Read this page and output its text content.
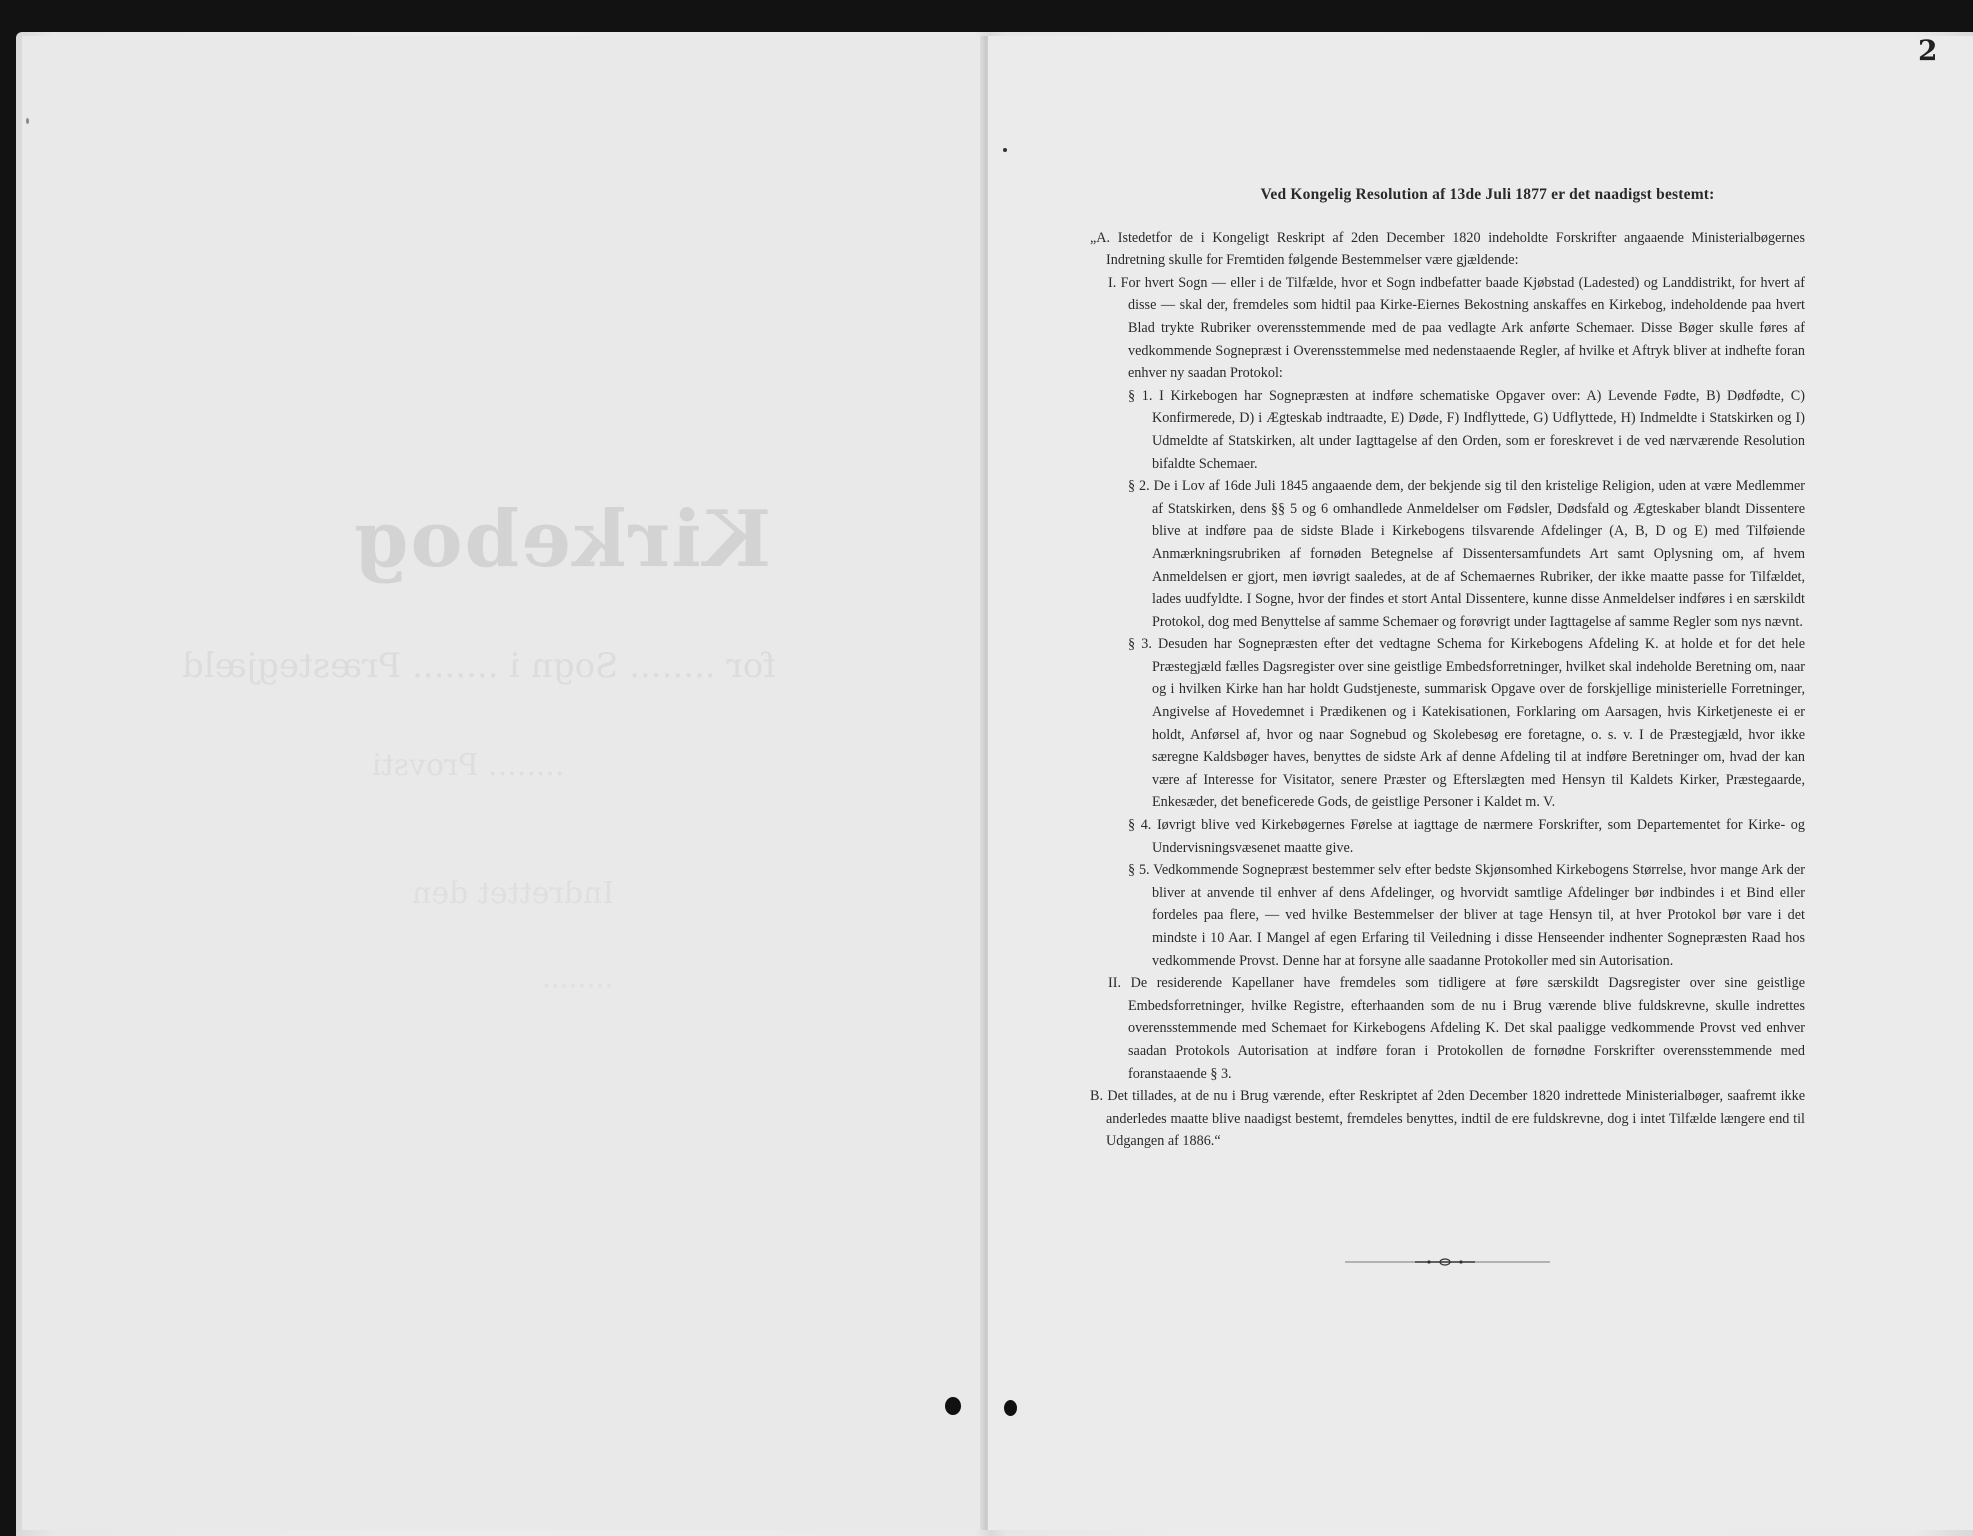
Kirkebog
for ........ Sogn i ........ Præstegjæld
........ Provsti
Indrettet den
........
2
Ved Kongelig Resolution af 13de Juli 1877 er det naadigst bestemt:

„A. Istedetfor de i Kongeligt Reskript af 2den December 1820 indeholdte Forskrifter angaaende Ministerialbøgernes Indretning skulle for Fremtiden følgende Bestemmelser være gjældende:

I. For hvert Sogn — eller i de Tilfælde, hvor et Sogn indbefatter baade Kjøbstad (Ladested) og Landdistrikt, for hvert af disse — skal der, fremdeles som hidtil paa Kirke-Eiernes Bekostning anskaffes en Kirkebog, indeholdende paa hvert Blad trykte Rubriker overensstemmende med de paa vedlagte Ark anførte Schemaer. Disse Bøger skulle føres af vedkommende Sognepræst i Overensstemmelse med nedenstaaende Regler, af hvilke et Aftryk bliver at indhefte foran enhver ny saadan Protokol:

§ 1. I Kirkebogen har Sognepræsten at indføre schematiske Opgaver over: A) Levende Fødte, B) Dødfødte, C) Konfirmerede, D) i Ægteskab indtraadte, E) Døde, F) Indflyttede, G) Udflyttede, H) Indmeldte i Statskirken og I) Udmeldte af Statskirken, alt under Iagttagelse af den Orden, som er foreskrevet i de ved nærværende Resolution bifaldte Schemaer.

§ 2. De i Lov af 16de Juli 1845 angaaende dem, der bekjende sig til den kristelige Religion, uden at være Medlemmer af Statskirken, dens §§ 5 og 6 omhandlede Anmeldelser om Fødsler, Dødsfald og Ægteskaber blandt Dissentere blive at indføre paa de sidste Blade i Kirkebogens tilsvarende Afdelinger (A, B, D og E) med Tilføiende Anmærkningsrubriken af fornøden Betegnelse af Dissentersamfundets Art samt Oplysning om, af hvem Anmeldelsen er gjort, men iøvrigt saaledes, at de af Schemaernes Rubriker, der ikke maatte passe for Tilfældet, lades uudfyldte. I Sogne, hvor der findes et stort Antal Dissentere, kunne disse Anmeldelser indføres i en særskildt Protokol, dog med Benyttelse af samme Schemaer og forøvrigt under Iagttagelse af samme Regler som nys nævnt.

§ 3. Desuden har Sognepræsten efter det vedtagne Schema for Kirkebogens Afdeling K. at holde et for det hele Præstegjæld fælles Dagsregister over sine geistlige Embedsforretninger, hvilket skal indeholde Beretning om, naar og i hvilken Kirke han har holdt Gudstjeneste, summarisk Opgave over de forskjellige ministerielle Forretninger, Angivelse af Hovedemnet i Prædikenen og i Katekisationen, Forklaring om Aarsagen, hvis Kirketjeneste ei er holdt, Anførsel af, hvor og naar Sognebud og Skolebesøg ere foretagne, o. s. v. I de Præstegjæld, hvor ikke særegne Kaldsbøger haves, benyttes de sidste Ark af denne Afdeling til at indføre Beretninger om, hvad der kan være af Interesse for Visitator, senere Præster og Efterslægten med Hensyn til Kaldets Kirker, Præstegaarde, Enkesæder, det beneficerede Gods, de geistlige Personer i Kaldet m. V.

§ 4. Iøvrigt blive ved Kirkebøgernes Førelse at iagttage de nærmere Forskrifter, som Departementet for Kirke- og Undervisningsvæsenet maatte give.

§ 5. Vedkommende Sognepræst bestemmer selv efter bedste Skjønsomhed Kirkebogens Størrelse, hvor mange Ark der bliver at anvende til enhver af dens Afdelinger, og hvorvidt samtlige Afdelinger bør indbindes i et Bind eller fordeles paa flere, — ved hvilke Bestemmelser der bliver at tage Hensyn til, at hver Protokol bør vare i det mindste i 10 Aar. I Mangel af egen Erfaring til Veiledning i disse Henseender indhenter Sognepræsten Raad hos vedkommende Provst. Denne har at forsyne alle saadanne Protokoller med sin Autorisation.

II. De residerende Kapellaner have fremdeles som tidligere at føre særskildt Dagsregister over sine geistlige Embedsforretninger, hvilke Registre, efterhaanden som de nu i Brug værende blive fuldskrevne, skulle indrettes overensstemmende med Schemaet for Kirkebogens Afdeling K. Det skal paaligge vedkommende Provst ved enhver saadan Protokols Autorisation at indføre foran i Protokollen de fornødne Forskrifter overensstemmende med foranstaaende § 3.

B. Det tillades, at de nu i Brug værende, efter Reskriptet af 2den December 1820 indrettede Ministerialbøger, saafremt ikke anderledes maatte blive naadigst bestemt, fremdeles benyttes, indtil de ere fuldskrevne, dog i intet Tilfælde længere end til Udgangen af 1886.“
